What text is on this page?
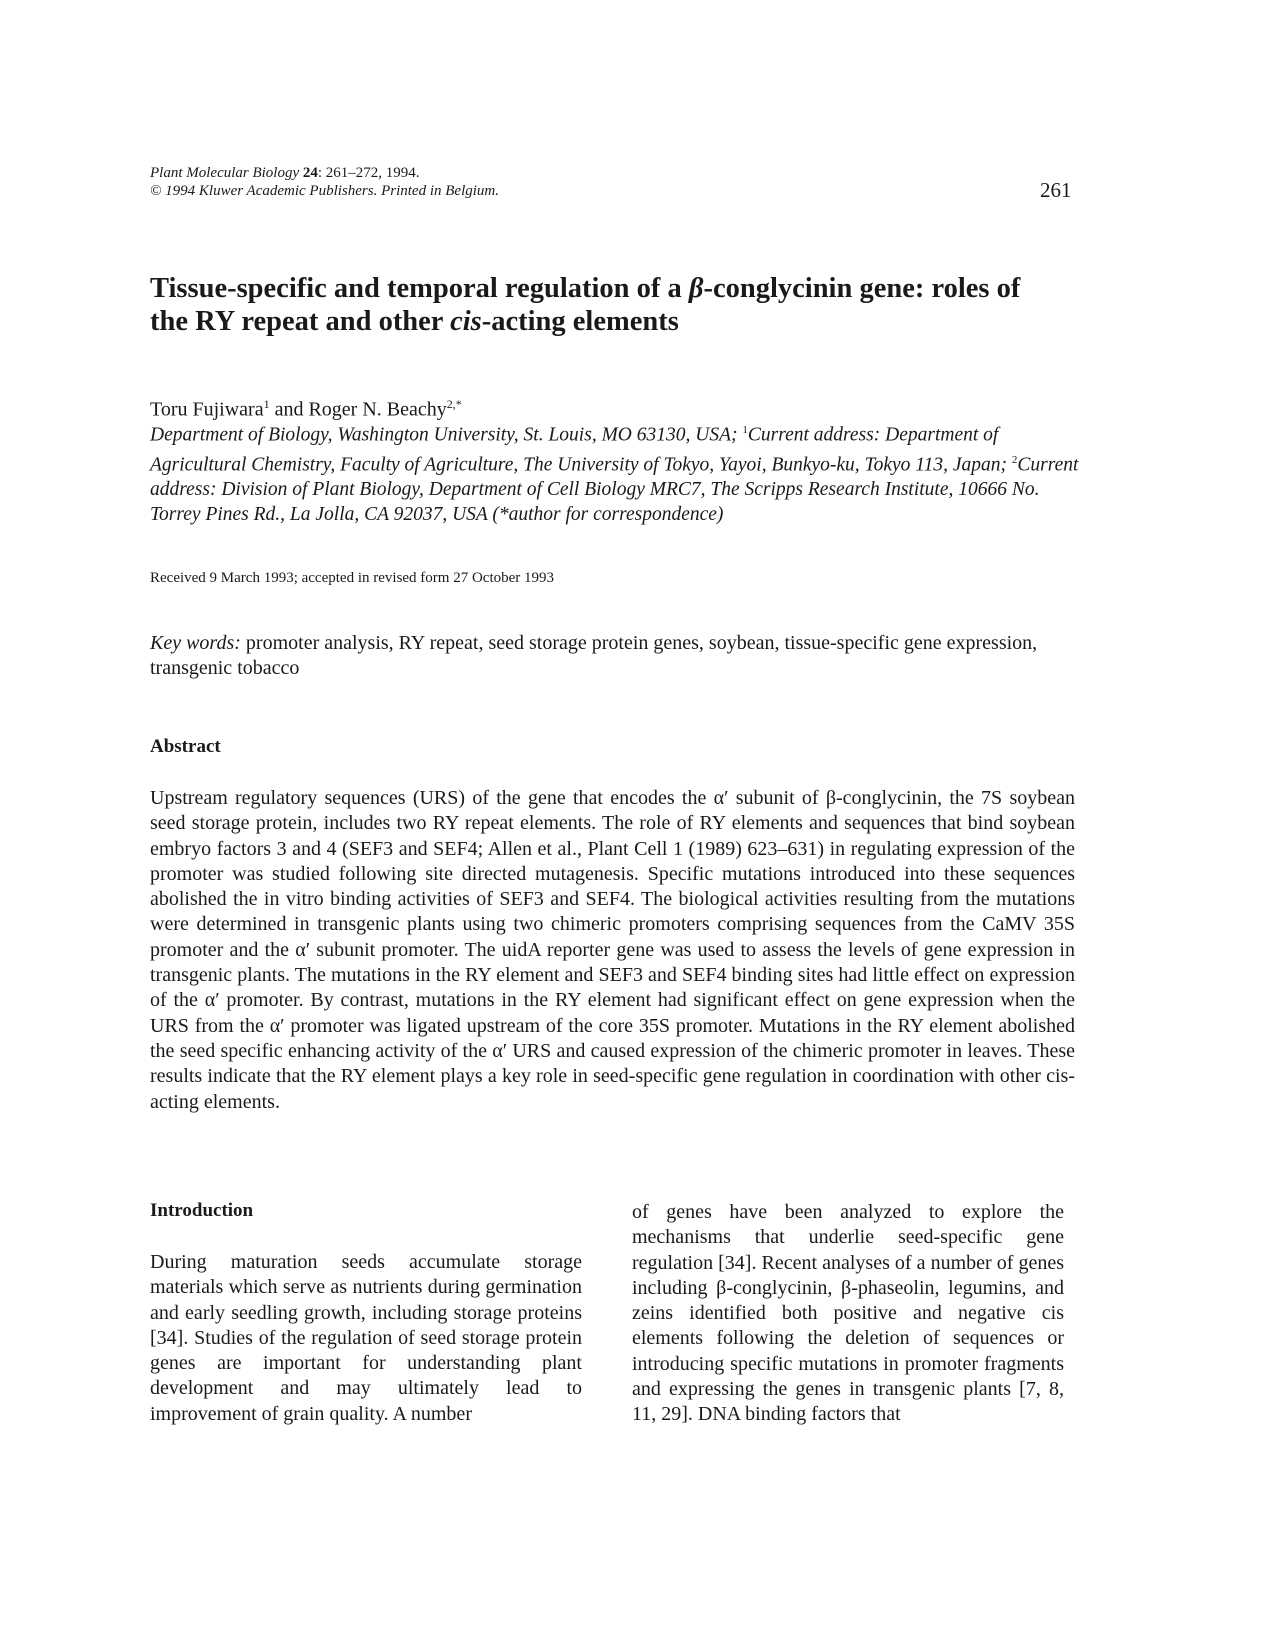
Plant Molecular Biology 24: 261–272, 1994.
© 1994 Kluwer Academic Publishers. Printed in Belgium.	261
Tissue-specific and temporal regulation of a β-conglycinin gene: roles of
the RY repeat and other cis-acting elements
Toru Fujiwara$^1$ and Roger N. Beachy$^{2,*}$
Department of Biology, Washington University, St. Louis, MO 63130, USA; $^1$Current address: Department of Agricultural Chemistry, Faculty of Agriculture, The University of Tokyo, Yayoi, Bunkyo-ku, Tokyo 113, Japan; $^2$Current address: Division of Plant Biology, Department of Cell Biology MRC7, The Scripps Research Institute, 10666 No. Torrey Pines Rd., La Jolla, CA 92037, USA (*author for correspondence)
Received 9 March 1993; accepted in revised form 27 October 1993
Key words: promoter analysis, RY repeat, seed storage protein genes, soybean, tissue-specific gene expression, transgenic tobacco
Abstract
Upstream regulatory sequences (URS) of the gene that encodes the α′ subunit of β-conglycinin, the 7S soybean seed storage protein, includes two RY repeat elements. The role of RY elements and sequences that bind soybean embryo factors 3 and 4 (SEF3 and SEF4; Allen et al., Plant Cell 1 (1989) 623–631) in regulating expression of the promoter was studied following site directed mutagenesis. Specific mutations introduced into these sequences abolished the in vitro binding activities of SEF3 and SEF4. The biological activities resulting from the mutations were determined in transgenic plants using two chimeric promoters comprising sequences from the CaMV 35S promoter and the α′ subunit promoter. The uidA reporter gene was used to assess the levels of gene expression in transgenic plants. The mutations in the RY element and SEF3 and SEF4 binding sites had little effect on expression of the α′ promoter. By contrast, mutations in the RY element had significant effect on gene expression when the URS from the α′ promoter was ligated upstream of the core 35S promoter. Mutations in the RY element abolished the seed specific enhancing activity of the α′ URS and caused expression of the chimeric promoter in leaves. These results indicate that the RY element plays a key role in seed-specific gene regulation in coordination with other cis-acting elements.
Introduction
During maturation seeds accumulate storage materials which serve as nutrients during germination and early seedling growth, including storage proteins [34]. Studies of the regulation of seed storage protein genes are important for understanding plant development and may ultimately lead to improvement of grain quality. A number
of genes have been analyzed to explore the mechanisms that underlie seed-specific gene regulation [34]. Recent analyses of a number of genes including β-conglycinin, β-phaseolin, legumins, and zeins identified both positive and negative cis elements following the deletion of sequences or introducing specific mutations in promoter fragments and expressing the genes in transgenic plants [7, 8, 11, 29]. DNA binding factors that
